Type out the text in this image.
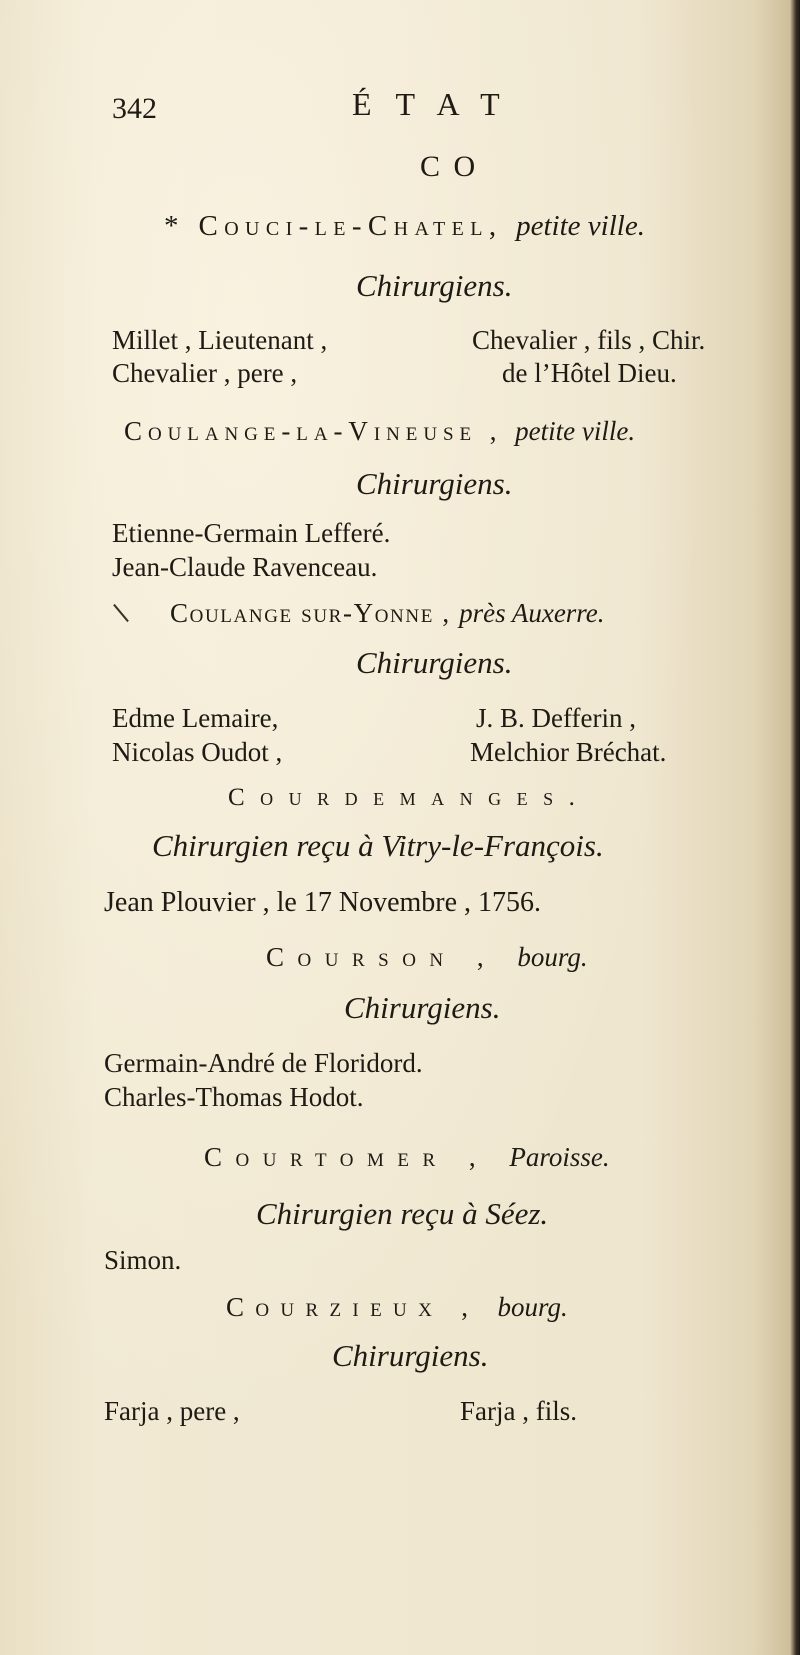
342	ÉTAT
CO
* Couci-le-Chatel, petite ville.
Chirurgiens.
Millet , Lieutenant ,	Chevalier , fils , Chir.
Chevalier , pere ,	de l’Hôtel Dieu.
Coulange-la-Vineuse , petite ville.
Chirurgiens.
Etienne-Germain Lefferé.
Jean-Claude Ravenceau.
Coulange sur-Yonne , près Auxerre.
Chirurgiens.
Edme Lemaire,	J. B. Defferin ,
Nicolas Oudot ,	Melchior Bréchat.
Courdemanges.
Chirurgien reçu à Vitry-le-François.
Jean Plouvier , le 17 Novembre , 1756.
Courson , bourg.
Chirurgiens.
Germain-André de Floridord.
Charles-Thomas Hodot.
Courtomer , Paroisse.
Chirurgien reçu à Séez.
Simon.
Courzieux , bourg.
Chirurgiens.
Farja , pere ,	Farja , fils.
